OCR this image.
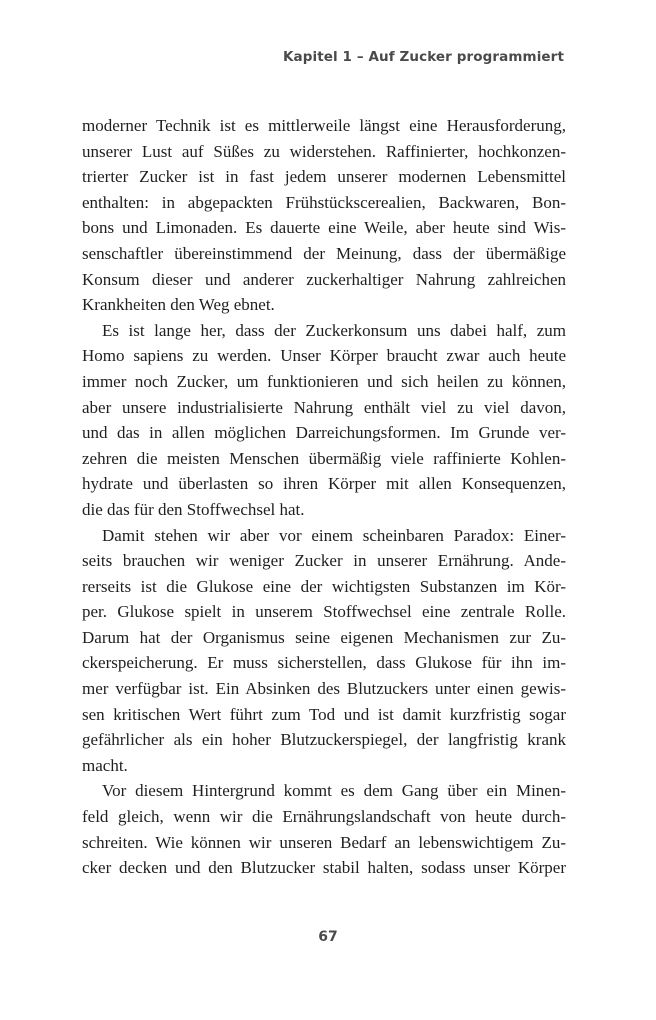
Kapitel 1 – Auf Zucker programmiert
moderner Technik ist es mittlerweile längst eine Herausforderung,
unserer Lust auf Süßes zu widerstehen. Raffinierter, hochkonzen-
trierter Zucker ist in fast jedem unserer modernen Lebensmittel
enthalten: in abgepackten Frühstückscerealien, Backwaren, Bon-
bons und Limonaden. Es dauerte eine Weile, aber heute sind Wis-
senschaftler übereinstimmend der Meinung, dass der übermäßige
Konsum dieser und anderer zuckerhaltiger Nahrung zahlreichen
Krankheiten den Weg ebnet.
Es ist lange her, dass der Zuckerkonsum uns dabei half, zum
Homo sapiens zu werden. Unser Körper braucht zwar auch heute
immer noch Zucker, um funktionieren und sich heilen zu können,
aber unsere industrialisierte Nahrung enthält viel zu viel davon,
und das in allen möglichen Darreichungsformen. Im Grunde ver-
zehren die meisten Menschen übermäßig viele raffinierte Kohlen-
hydrate und überlasten so ihren Körper mit allen Konsequenzen,
die das für den Stoffwechsel hat.
Damit stehen wir aber vor einem scheinbaren Paradox: Einer-
seits brauchen wir weniger Zucker in unserer Ernährung. Ande-
rerseits ist die Glukose eine der wichtigsten Substanzen im Kör-
per. Glukose spielt in unserem Stoffwechsel eine zentrale Rolle.
Darum hat der Organismus seine eigenen Mechanismen zur Zu-
ckerspeicherung. Er muss sicherstellen, dass Glukose für ihn im-
mer verfügbar ist. Ein Absinken des Blutzuckers unter einen gewis-
sen kritischen Wert führt zum Tod und ist damit kurzfristig sogar
gefährlicher als ein hoher Blutzuckerspiegel, der langfristig krank
macht.
Vor diesem Hintergrund kommt es dem Gang über ein Minen-
feld gleich, wenn wir die Ernährungslandschaft von heute durch-
schreiten. Wie können wir unseren Bedarf an lebenswichtigem Zu-
cker decken und den Blutzucker stabil halten, sodass unser Körper
67
